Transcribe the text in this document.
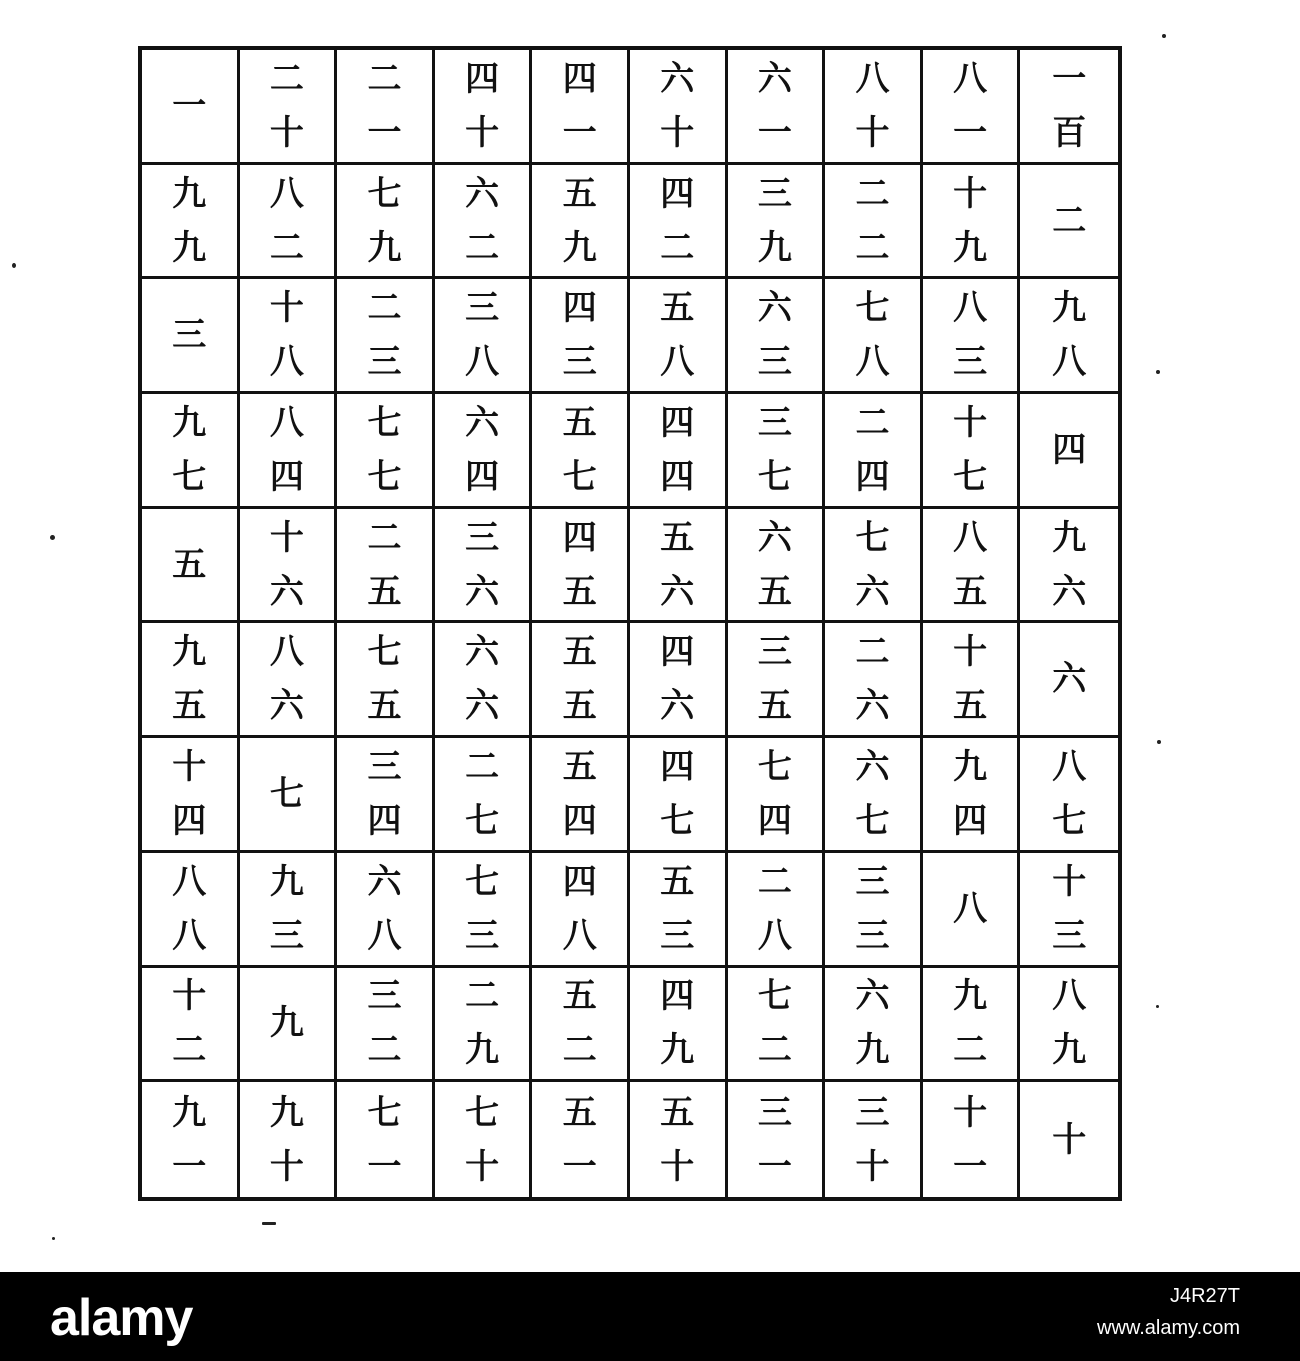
一
二
十
二
一
四
十
四
一
六
十
六
一
八
十
八
一
一
百
九
九
八
二
七
九
六
二
五
九
四
二
三
九
二
二
十
九
二
三
十
八
二
三
三
八
四
三
五
八
六
三
七
八
八
三
九
八
九
七
八
四
七
七
六
四
五
七
四
四
三
七
二
四
十
七
四
五
十
六
二
五
三
六
四
五
五
六
六
五
七
六
八
五
九
六
九
五
八
六
七
五
六
六
五
五
四
六
三
五
二
六
十
五
六
十
四
七
三
四
二
七
五
四
四
七
七
四
六
七
九
四
八
七
八
八
九
三
六
八
七
三
四
八
五
三
二
八
三
三
八
十
三
十
二
九
三
二
二
九
五
二
四
九
七
二
六
九
九
二
八
九
九
一
九
十
七
一
七
十
五
一
五
十
三
一
三
十
十
一
十
alamy	J4R27T
www.alamy.com
